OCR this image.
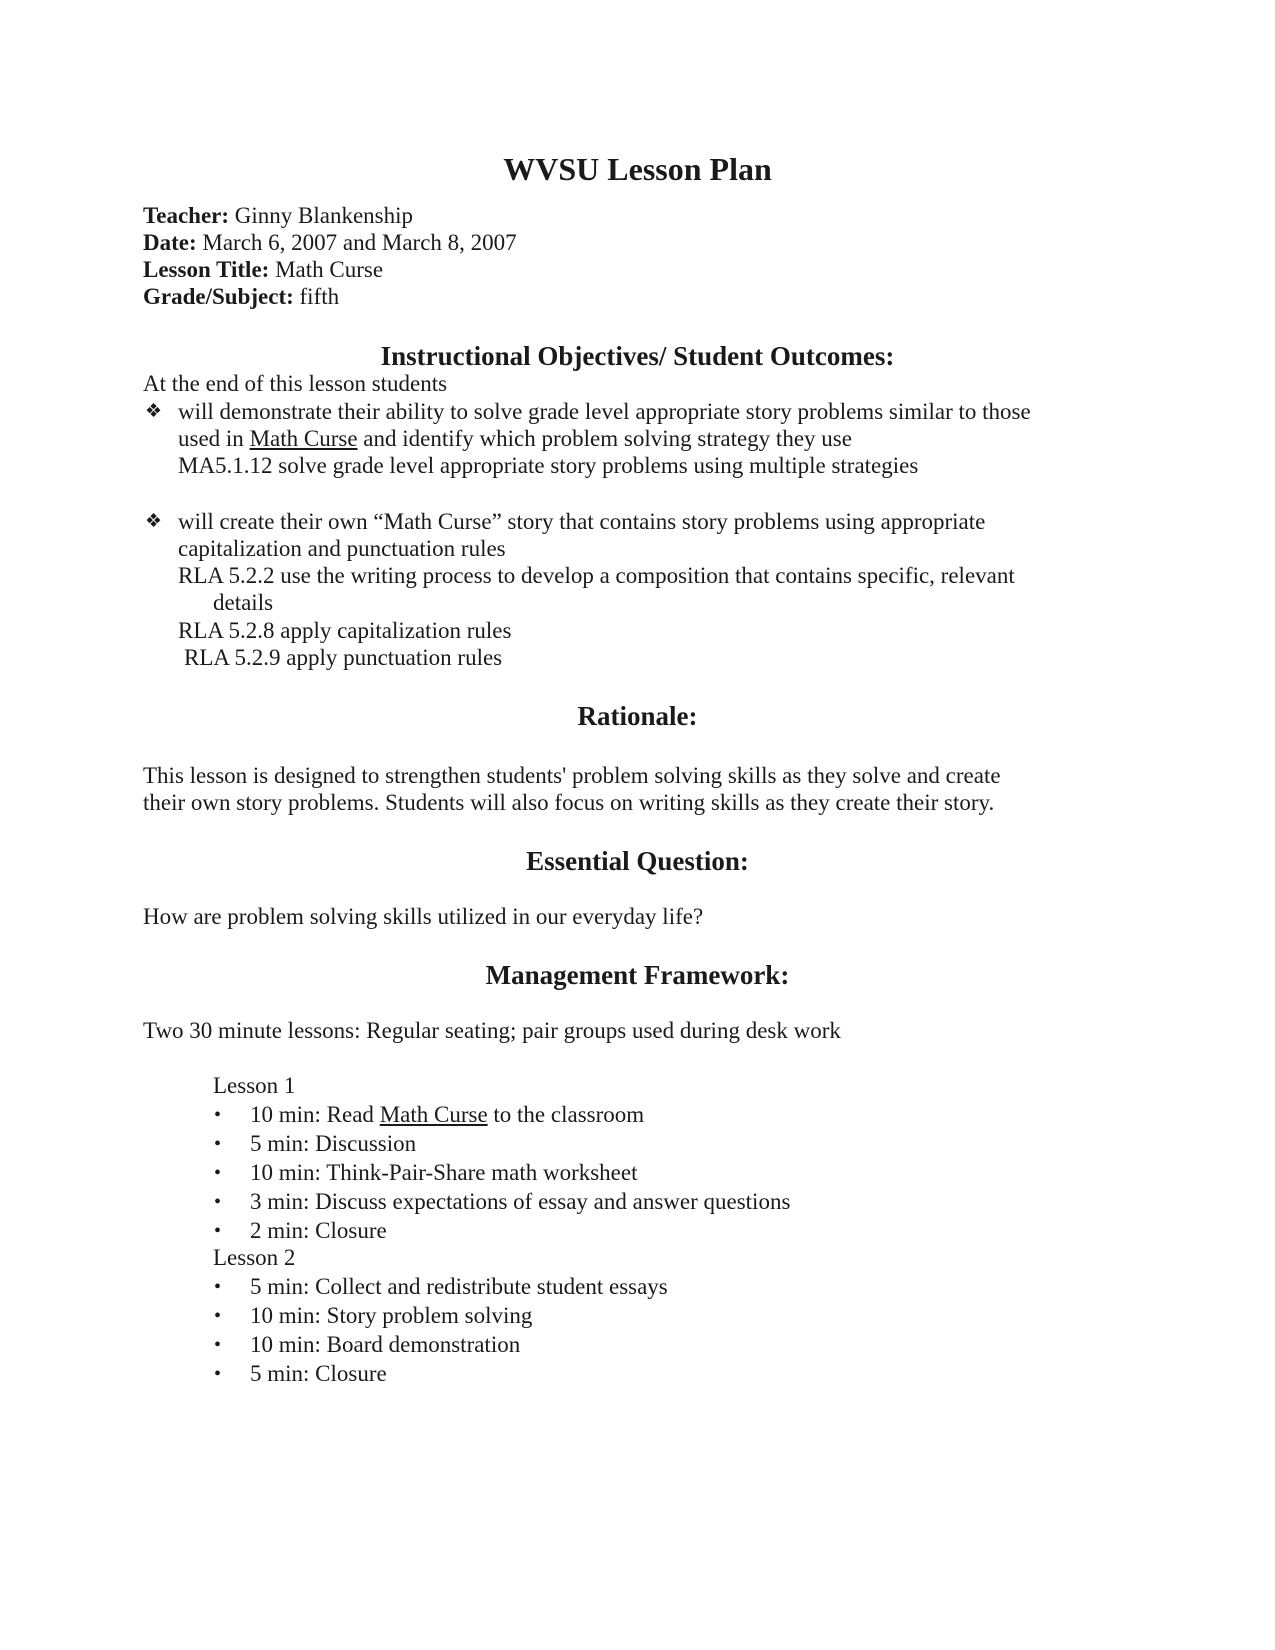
WVSU Lesson Plan
Teacher: Ginny Blankenship
Date: March 6, 2007 and March 8, 2007
Lesson Title: Math Curse
Grade/Subject: fifth
Instructional Objectives/ Student Outcomes:
At the end of this lesson students
❖ will demonstrate their ability to solve grade level appropriate story problems similar to those
used in Math Curse and identify which problem solving strategy they use
MA5.1.12 solve grade level appropriate story problems using multiple strategies
❖ will create their own “Math Curse” story that contains story problems using appropriate
capitalization and punctuation rules
RLA 5.2.2 use the writing process to develop a composition that contains specific, relevant
details
RLA 5.2.8 apply capitalization rules
RLA 5.2.9 apply punctuation rules
Rationale:
This lesson is designed to strengthen students' problem solving skills as they solve and create
their own story problems. Students will also focus on writing skills as they create their story.
Essential Question:
How are problem solving skills utilized in our everyday life?
Management Framework:
Two 30 minute lessons: Regular seating; pair groups used during desk work
Lesson 1
• 10 min: Read Math Curse to the classroom
• 5 min: Discussion
• 10 min: Think-Pair-Share math worksheet
• 3 min: Discuss expectations of essay and answer questions
• 2 min: Closure
Lesson 2
• 5 min: Collect and redistribute student essays
• 10 min: Story problem solving
• 10 min: Board demonstration
• 5 min: Closure
